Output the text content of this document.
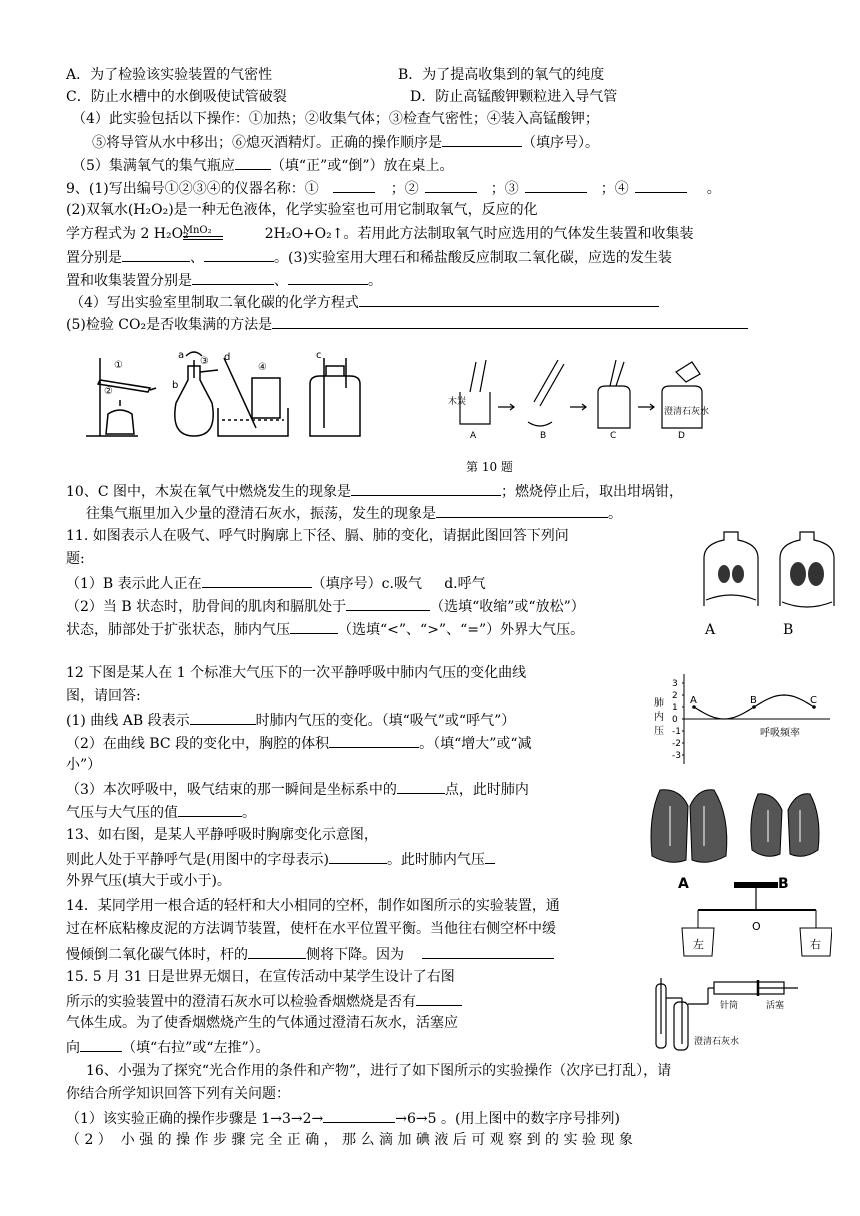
A．为了检验该实验装置的气密性	B．为了提高收集到的氧气的纯度
C．防止水槽中的水倒吸使试管破裂	D．防止高锰酸钾颗粒进入导气管
（4）此实验包括以下操作：①加热；②收集气体；③检查气密性；④装入高锰酸钾；
⑤将导管从水中移出；⑥熄灭酒精灯。正确的操作顺序是	（填序号）。
（5）集满氧气的集气瓶应	（填“正”或“倒”）放在桌上。
9、(1)写出编号①②③④的仪器名称：①	；②	；③	；④	。
(2)双氧水(H₂O₂)是一种无色液体，化学实验室也可用它制取氧气，反应的化
学方程式为 2 H₂O₂
MnO₂	2H₂O+O₂↑。若用此方法制取氧气时应选用的气体发生装置和收集装
置分别是	、	。(3)实验室用大理石和稀盐酸反应制取二氧化碳，应选的发生装
置和收集装置分别是	、	。
（4）写出实验室里制取二氧化碳的化学方程式
(5)检验 CO₂是否收集满的方法是
①
②
③
④
a
b
c
d
木炭
澄清石灰水
A	B	C	D
第 10 题
10、C 图中，木炭在氧气中燃烧发生的现象是	；燃烧停止后，取出坩埚钳，
往集气瓶里加入少量的澄清石灰水，振荡，发生的现象是	。
11. 如图表示人在吸气、呼气时胸廓上下径、膈、肺的变化，请据此图回答下列问
题:
（1）B 表示此人正在	（填序号）c.吸气     d.呼气
（2）当 B 状态时，肋骨间的肌肉和膈肌处于	（选填“收缩”或“放松”）
状态，肺部处于扩张状态，肺内气压	（选填“<”、“>”、“=”）外界大气压。	A	B
12 下图是某人在 1 个标准大气压下的一次平静呼吸中肺内气压的变化曲线
图，请回答:
(1) 曲线 AB 段表示	时肺内气压的变化。（填“吸气”或“呼气”）
（2）在曲线 BC 段的变化中，胸腔的体积	。（填“增大”或“减
小”）
（3）本次呼吸中，吸气结束的那一瞬间是坐标系中的	点，此时肺内
气压与大气压的值	。
3
2
1
0
-1
-2
-3
A	B	C
肺
内
压	呼吸频率
A	B
13、如右图，是某人平静呼吸时胸廓变化示意图，
则此人处于平静呼气是(用图中的字母表示)	。此时肺内气压
外界气压(填大于或小于)。
14．某同学用一根合适的轻杆和大小相同的空杯，制作如图所示的实验装置，通
过在杯底粘橡皮泥的方法调节装置，使杆在水平位置平衡。当他往右侧空杯中缓
慢倾倒二氧化碳气体时，杆的	侧将下降。因为
左	右
O
15. 5 月 31 日是世界无烟日，在宣传活动中某学生设计了右图
所示的实验装置中的澄清石灰水可以检验香烟燃烧是否有
气体生成。为了使香烟燃烧产生的气体通过澄清石灰水，活塞应
向	（填“右拉”或“左推”）。
针筒	活塞
澄清石灰水
16、小强为了探究“光合作用的条件和产物”，进行了如下图所示的实验操作（次序已打乱），请
你结合所学知识回答下列有关问题：
（1）该实验正确的操作步骤是 1→3→2→	→6→5 。(用上图中的数字序号排列)
（ 2 ）  小 强 的 操 作 步 骤 完 全 正 确 ， 那 么 滴 加 碘 液 后 可 观 察 到 的 实 验 现 象
